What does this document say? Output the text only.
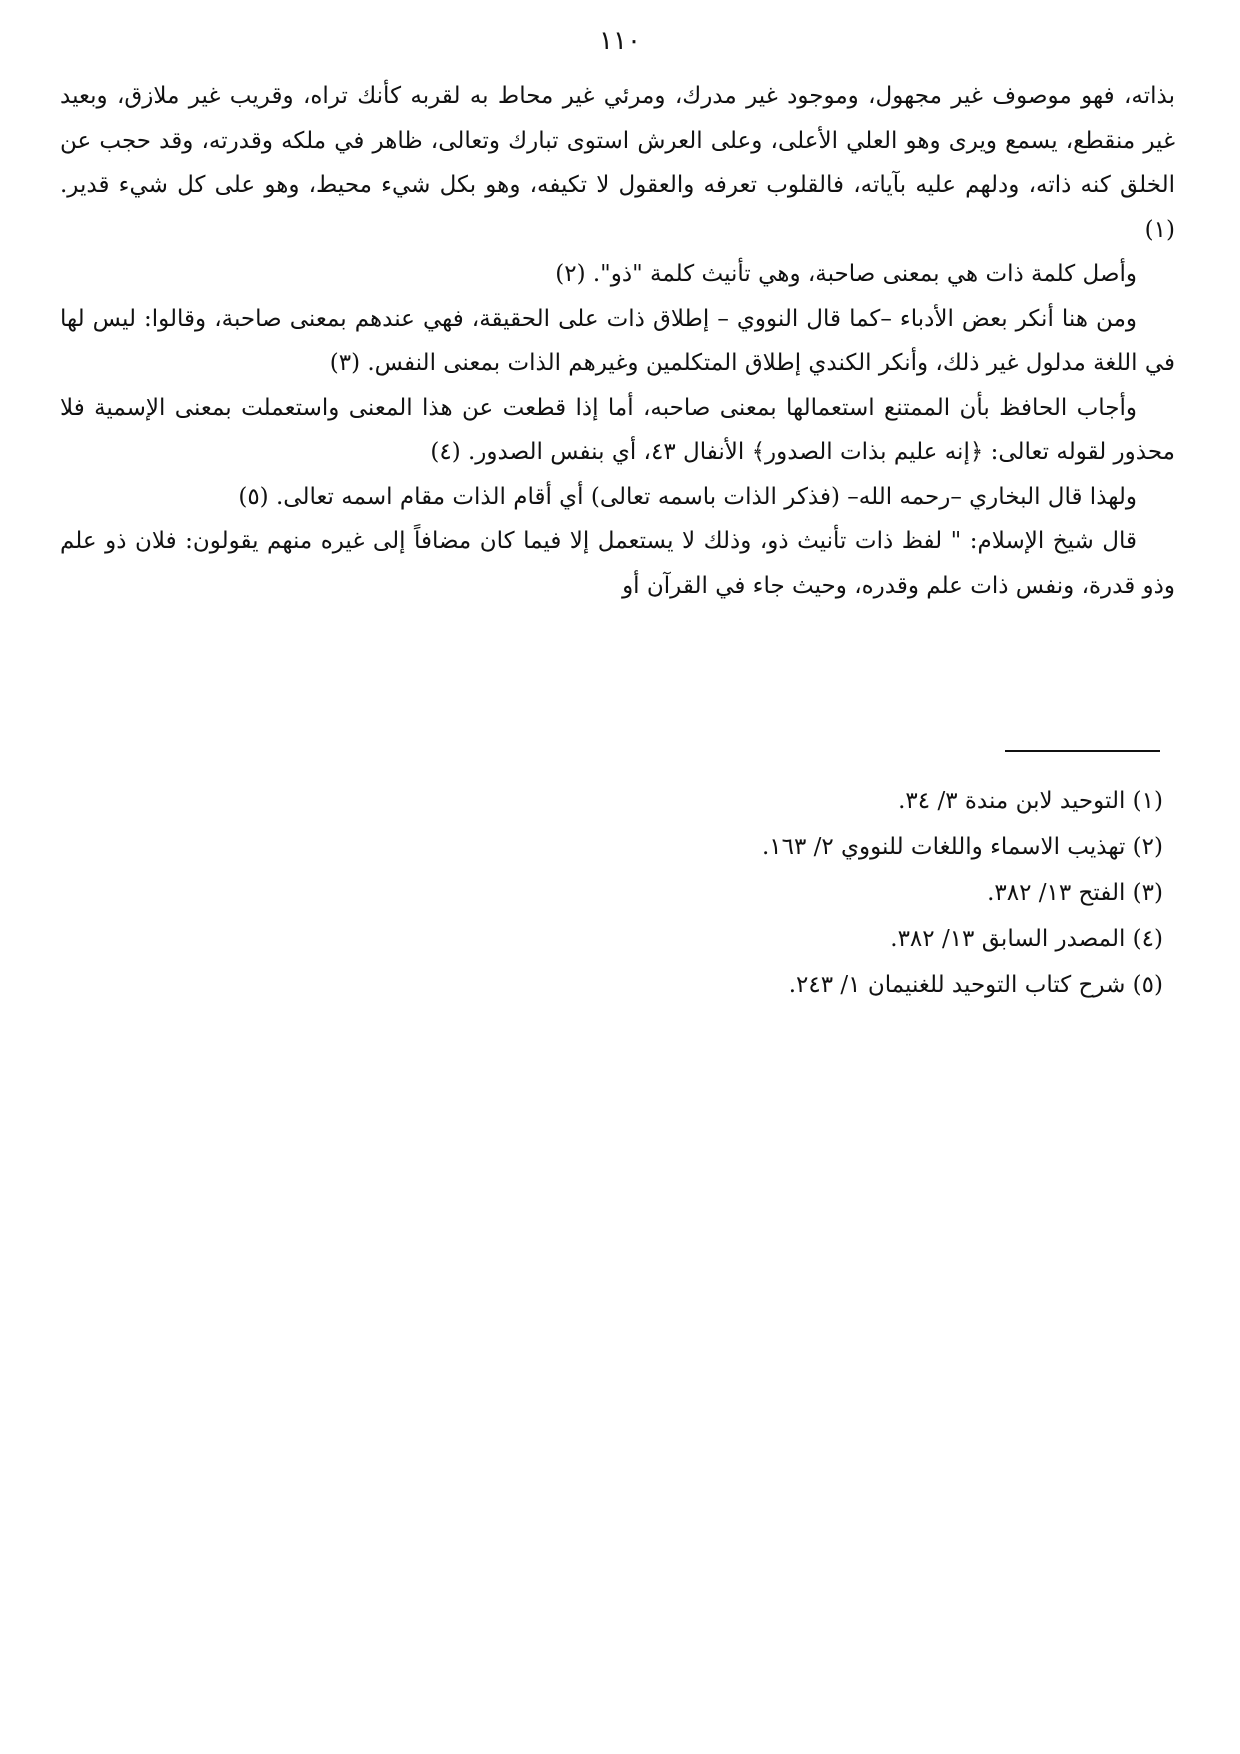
١١٠

بذاته، فهو موصوف غير مجهول، وموجود غير مدرك، ومرئي غير محاط به لقربه كأنك تراه، وقريب غير ملازق، وبعيد غير منقطع، يسمع ويرى وهو العلي الأعلى، وعلى العرش استوى تبارك وتعالى، ظاهر في ملكه وقدرته، وقد حجب عن الخلق كنه ذاته، ودلهم عليه بآياته، فالقلوب تعرفه والعقول لا تكيفه، وهو بكل شيء محيط، وهو على كل شيء قدير. (١)

وأصل كلمة ذات هي بمعنى صاحبة، وهي تأنيث كلمة "ذو". (٢)

ومن هنا أنكر بعض الأدباء –كما قال النووي – إطلاق ذات على الحقيقة، فهي عندهم بمعنى صاحبة، وقالوا: ليس لها في اللغة مدلول غير ذلك، وأنكر الكندي إطلاق المتكلمين وغيرهم الذات بمعنى النفس. (٣)

وأجاب الحافظ بأن الممتنع استعمالها بمعنى صاحبه، أما إذا قطعت عن هذا المعنى واستعملت بمعنى الإسمية فلا محذور لقوله تعالى: ﴿إنه عليم بذات الصدور﴾ الأنفال ٤٣، أي بنفس الصدور. (٤)

ولهذا قال البخاري –رحمه الله– (فذكر الذات باسمه تعالى) أي أقام الذات مقام اسمه تعالى. (٥)

قال شيخ الإسلام: " لفظ ذات تأنيث ذو، وذلك لا يستعمل إلا فيما كان مضافاً إلى غيره منهم يقولون: فلان ذو علم وذو قدرة، ونفس ذات علم وقدره، وحيث جاء في القرآن أو

(١) التوحيد لابن مندة ٣/ ٣٤.
(٢) تهذيب الاسماء واللغات للنووي ٢/ ١٦٣.
(٣) الفتح ١٣/ ٣٨٢.
(٤) المصدر السابق ١٣/ ٣٨٢.
(٥) شرح كتاب التوحيد للغنيمان ١/ ٢٤٣.
